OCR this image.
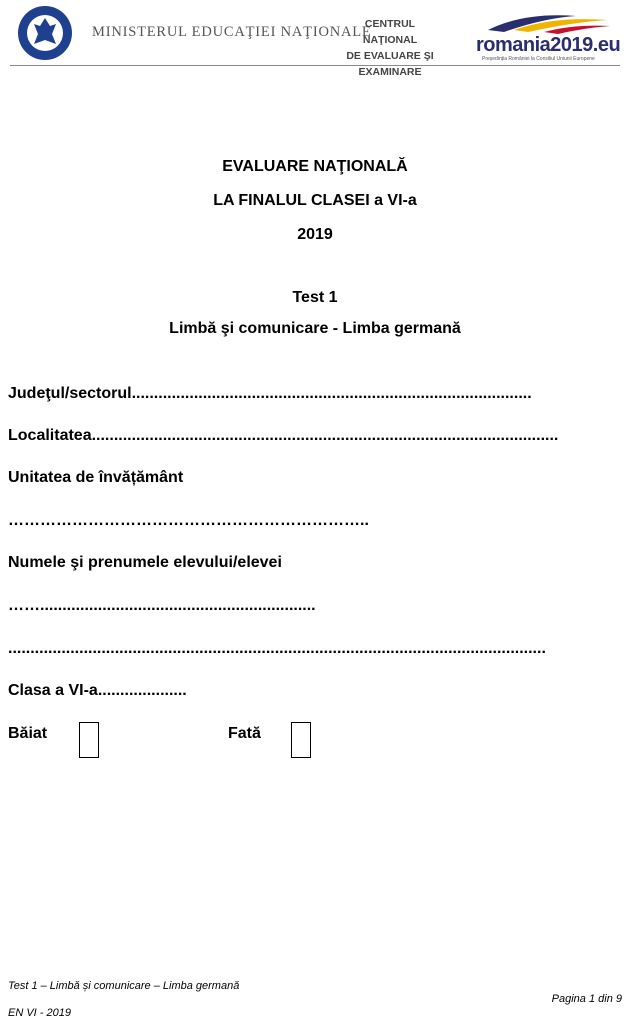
MINISTERUL EDUCAŢIEI NAŢIONALE
CENTRUL NAŢIONAL
DE EVALUARE ŞI
EXAMINARE
romania2019.eu
Președinția României la Consiliul Uniunii Europene
EVALUARE NAŢIONALĂ
LA FINALUL CLASEI a VI-a
2019
Test 1
Limbă şi comunicare - Limba germană
Judeţul/sectorul..........................................................................................
Localitatea.........................................................................................................
Unitatea de învățământ
…………………………………………………………..
Numele şi prenumele elevului/elevei
……..............................................................
.........................................................................................................................
Clasa a VI-a....................
Băiat	Fată
Test 1 – Limbă și comunicare – Limba germană
EN VI - 2019
Pagina 1 din 9
